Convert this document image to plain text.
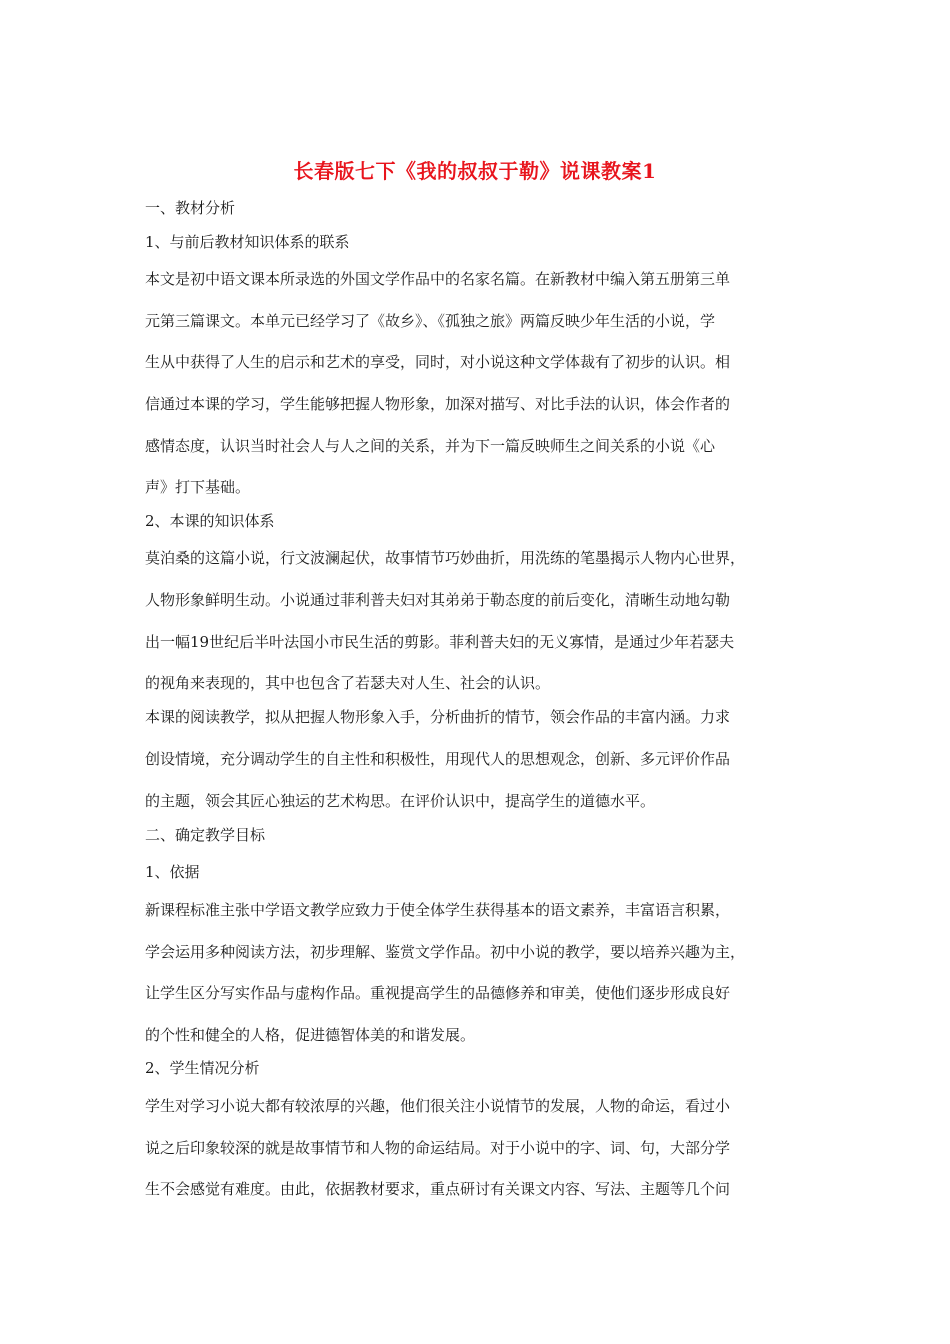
长春版七下《我的叔叔于勒》说课教案1
一、教材分析
1、与前后教材知识体系的联系
本文是初中语文课本所录选的外国文学作品中的名家名篇。在新教材中编入第五册第三单
元第三篇课文。本单元已经学习了《故乡》、《孤独之旅》两篇反映少年生活的小说，学
生从中获得了人生的启示和艺术的享受，同时，对小说这种文学体裁有了初步的认识。相
信通过本课的学习，学生能够把握人物形象，加深对描写、对比手法的认识，体会作者的
感情态度，认识当时社会人与人之间的关系，并为下一篇反映师生之间关系的小说《心
声》打下基础。
2、本课的知识体系
莫泊桑的这篇小说，行文波澜起伏，故事情节巧妙曲折，用洗练的笔墨揭示人物内心世界，
人物形象鲜明生动。小说通过菲利普夫妇对其弟弟于勒态度的前后变化，清晰生动地勾勒
出一幅19世纪后半叶法国小市民生活的剪影。菲利普夫妇的无义寡情，是通过少年若瑟夫
的视角来表现的，其中也包含了若瑟夫对人生、社会的认识。
本课的阅读教学，拟从把握人物形象入手，分析曲折的情节，领会作品的丰富内涵。力求
创设情境，充分调动学生的自主性和积极性，用现代人的思想观念，创新、多元评价作品
的主题，领会其匠心独运的艺术构思。在评价认识中，提高学生的道德水平。
二、确定教学目标
1、依据
新课程标准主张中学语文教学应致力于使全体学生获得基本的语文素养，丰富语言积累，
学会运用多种阅读方法，初步理解、鉴赏文学作品。初中小说的教学，要以培养兴趣为主，
让学生区分写实作品与虚构作品。重视提高学生的品德修养和审美，使他们逐步形成良好
的个性和健全的人格，促进德智体美的和谐发展。
2、学生情况分析
学生对学习小说大都有较浓厚的兴趣，他们很关注小说情节的发展，人物的命运，看过小
说之后印象较深的就是故事情节和人物的命运结局。对于小说中的字、词、句，大部分学
生不会感觉有难度。由此，依据教材要求，重点研讨有关课文内容、写法、主题等几个问
